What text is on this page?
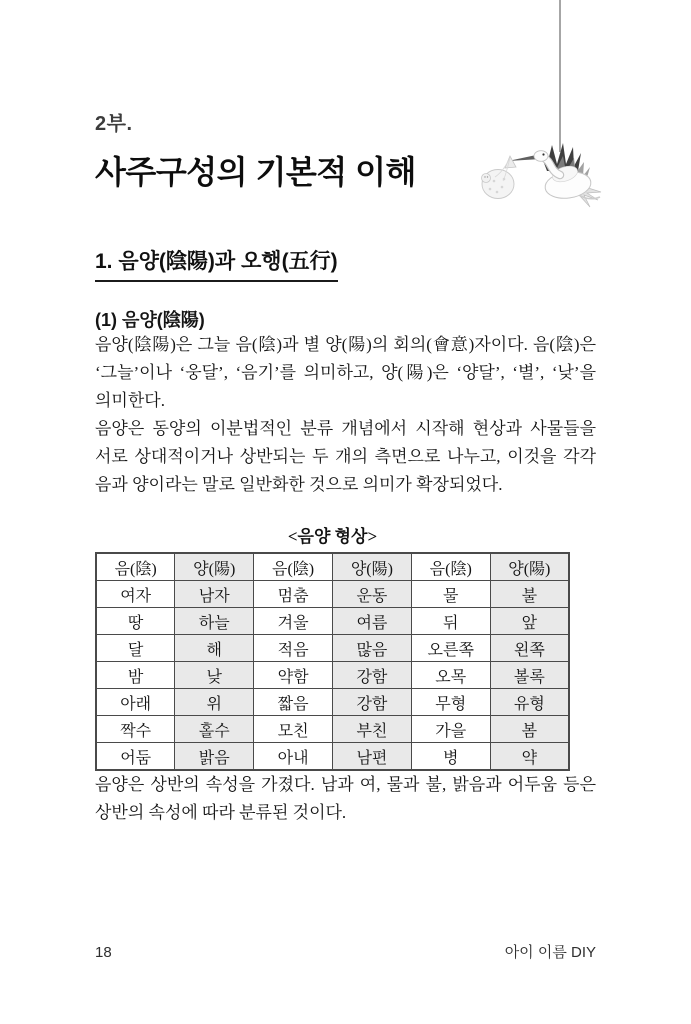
2부.
사주구성의 기본적 이해
1. 음양(陰陽)과 오행(五行)
(1) 음양(陰陽)

음양(陰陽)은 그늘 음(陰)과 별 양(陽)의 회의(會意)자이다. 음(陰)은 ‘그늘’이나 ‘웅달’, ‘음기’를 의미하고, 양(陽)은 ‘양달’, ‘별’, ‘낮’을 의미한다.

음양은 동양의 이분법적인 분류 개념에서 시작해 현상과 사물들을 서로 상대적이거나 상반되는 두 개의 측면으로 나누고, 이것을 각각 음과 양이라는 말로 일반화한 것으로 의미가 확장되었다.

<음양 형상>
음(陰)	양(陽)	음(陰)	양(陽)	음(陰)	양(陽)
여자	남자	멈춤	운동	물	불
땅	하늘	겨울	여름	뒤	앞
달	해	적음	많음	오른쪽	왼쪽
밤	낮	약함	강함	오목	볼록
아래	위	짧음	강함	무형	유형
짝수	홀수	모친	부친	가을	봄
어둠	밝음	아내	남편	병	약

음양은 상반의 속성을 가졌다. 남과 여, 물과 불, 밝음과 어두움 등은 상반의 속성에 따라 분류된 것이다.

18	아이 이름 DIY
